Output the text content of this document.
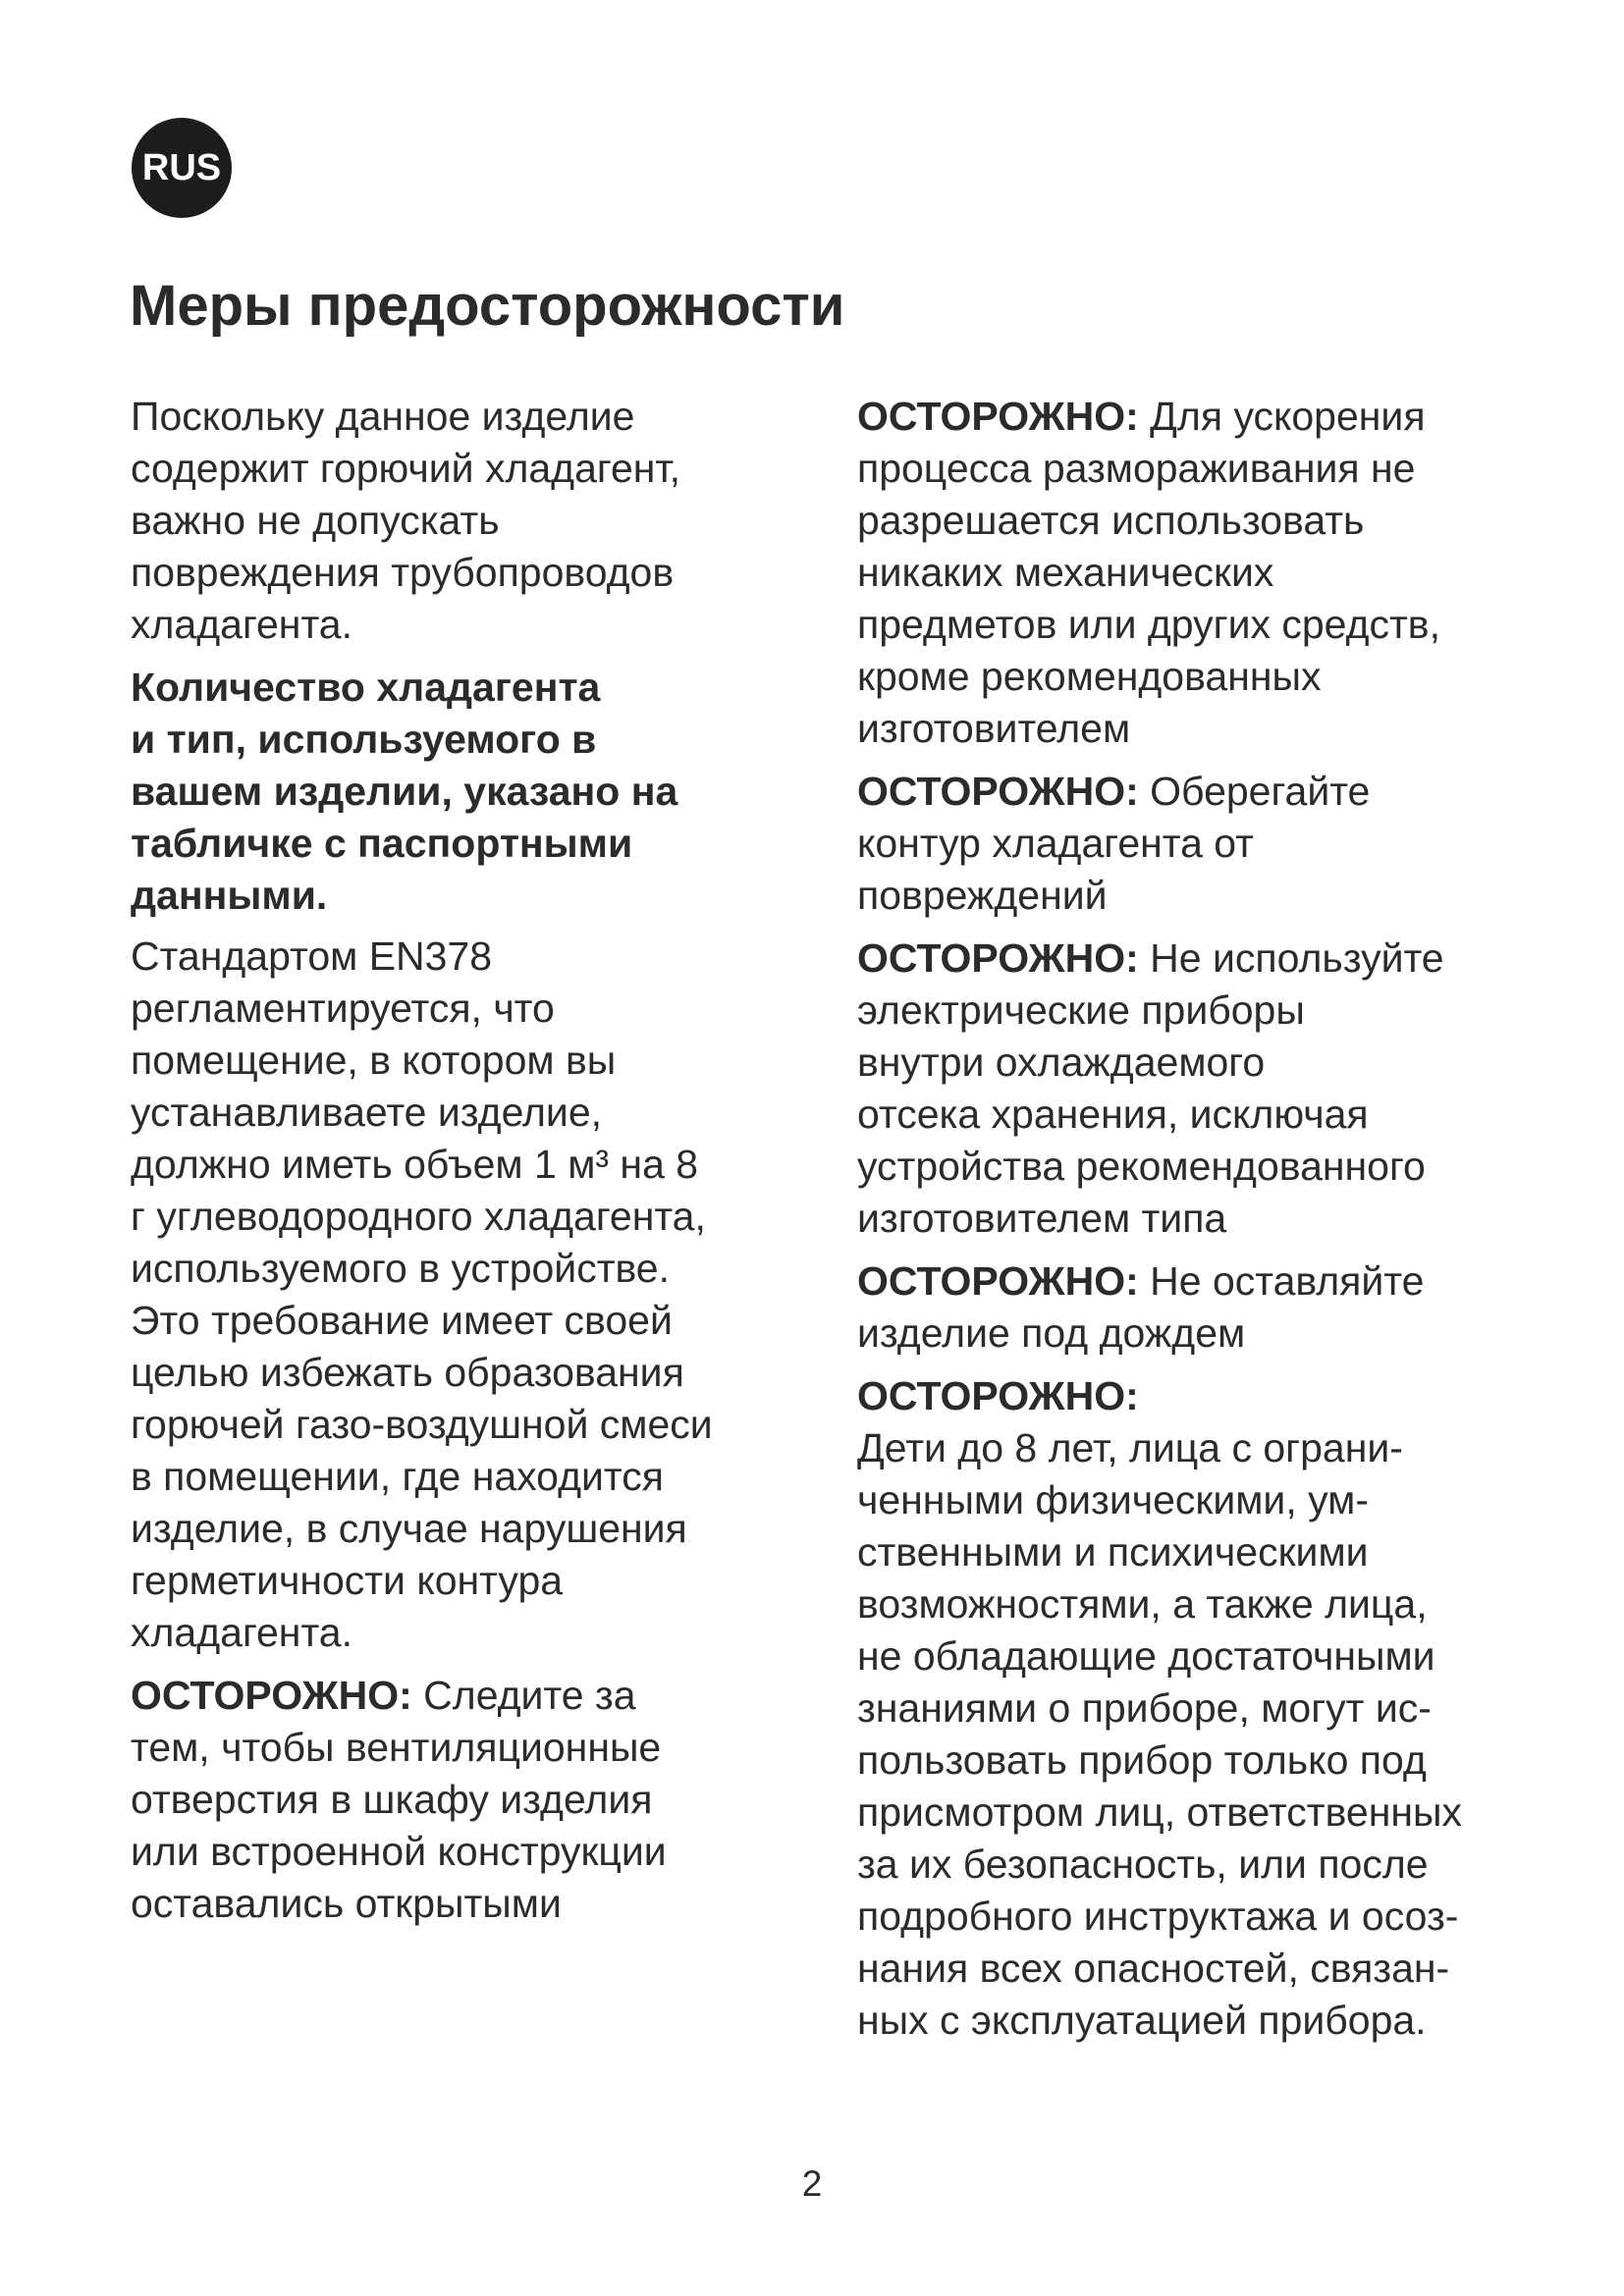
RUS
Меры предосторожности

Поскольку данное изделие
содержит горючий хладагент,
важно не допускать
повреждения трубопроводов
хладагента.

Количество хладагента
и тип, используемого в
вашем изделии, указано на
табличке с паспортными
данными.

Стандартом EN378
регламентируется, что
помещение, в котором вы
устанавливаете изделие,
должно иметь объем 1 м³ на 8
г углеводородного хладагента,
используемого в устройстве.
Это требование имеет своей
целью избежать образования
горючей газо-воздушной смеси
в помещении, где находится
изделие, в случае нарушения
герметичности контура
хладагента.

ОСТОРОЖНО: Следите за
тем, чтобы вентиляционные
отверстия в шкафу изделия
или встроенной конструкции
оставались открытыми

ОСТОРОЖНО: Для ускорения
процесса размораживания не
разрешается использовать
никаких механических
предметов или других средств,
кроме рекомендованных
изготовителем

ОСТОРОЖНО: Оберегайте
контур хладагента от
повреждений

ОСТОРОЖНО: Не используйте
электрические приборы
внутри охлаждаемого
отсека хранения, исключая
устройства рекомендованного
изготовителем типа

ОСТОРОЖНО: Не оставляйте
изделие под дождем

ОСТОРОЖНО:
Дети до 8 лет, лица с ограни-
ченными физическими, ум-
ственными и психическими
возможностями, а также лица,
не обладающие достаточными
знаниями о приборе, могут ис-
пользовать прибор только под
присмотром лиц, ответственных
за их безопасность, или после
подробного инструктажа и осоз-
нания всех опасностей, связан-
ных с эксплуатацией прибора.

2
